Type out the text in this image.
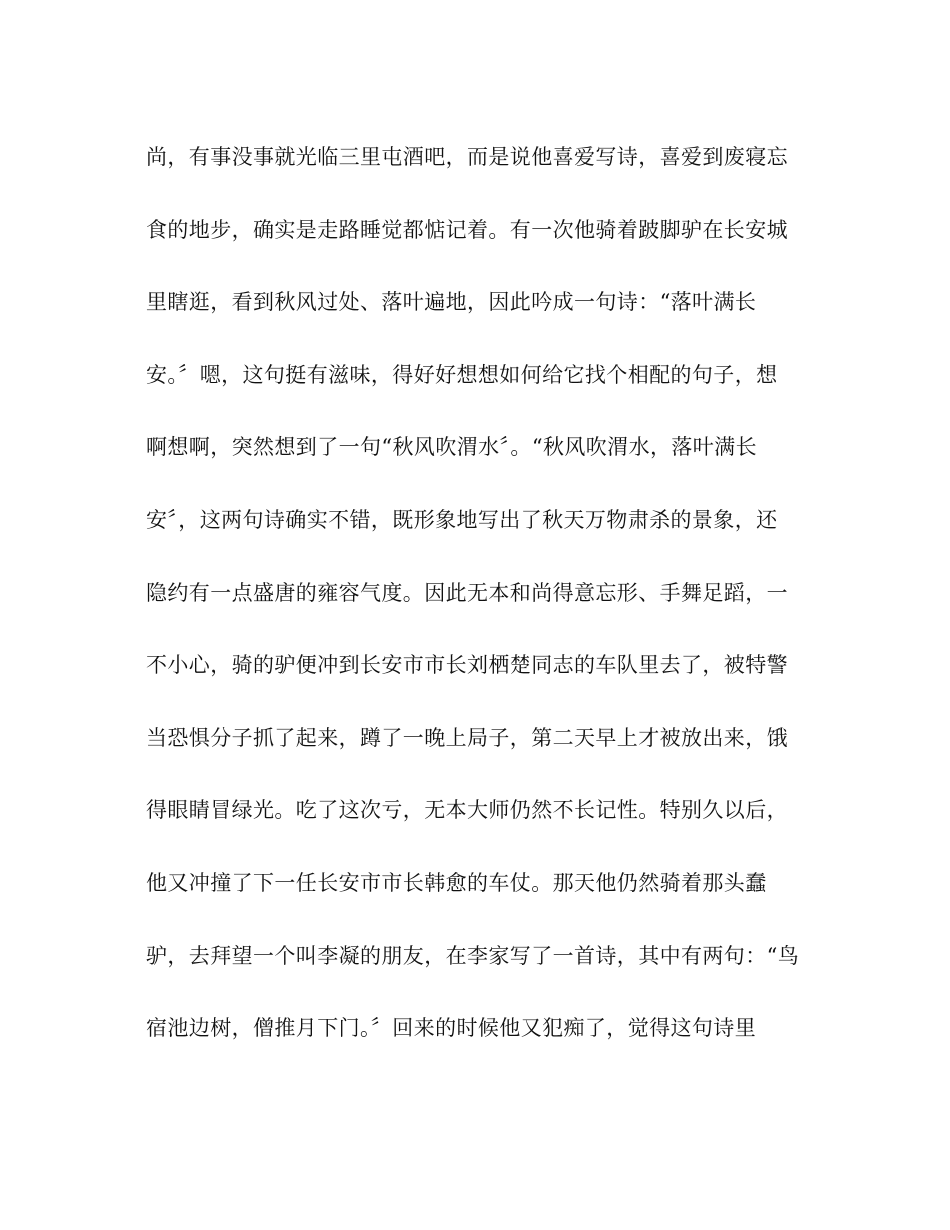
尚，有事没事就光临三里屯酒吧，而是说他喜爱写诗，喜爱到废寝忘
食的地步，确实是走路睡觉都惦记着。有一次他骑着跛脚驴在长安城
里瞎逛，看到秋风过处、落叶遍地，因此吟成一句诗：“落叶满长
安。〞嗯，这句挺有滋味，得好好想想如何给它找个相配的句子，想
啊想啊，突然想到了一句“秋风吹渭水〞。“秋风吹渭水，落叶满长
安〞，这两句诗确实不错，既形象地写出了秋天万物肃杀的景象，还
隐约有一点盛唐的雍容气度。因此无本和尚得意忘形、手舞足蹈，一
不小心，骑的驴便冲到长安市市长刘栖楚同志的车队里去了，被特警
当恐惧分子抓了起来，蹲了一晚上局子，第二天早上才被放出来，饿
得眼睛冒绿光。吃了这次亏，无本大师仍然不长记性。特别久以后，
他又冲撞了下一任长安市市长韩愈的车仗。那天他仍然骑着那头蠢
驴，去拜望一个叫李凝的朋友，在李家写了一首诗，其中有两句：“鸟
宿池边树，僧推月下门。〞回来的时候他又犯痴了，觉得这句诗里
